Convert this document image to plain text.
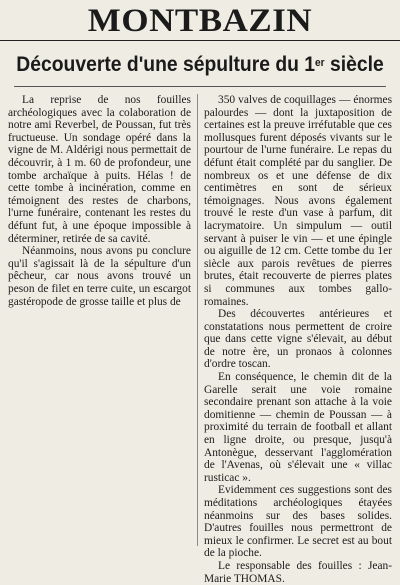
MONTBAZIN
Découverte d'une sépulture du 1er siècle

La reprise de nos fouilles archéologiques avec la colaboration de notre ami Reverbel, de Poussan, fut très fructueuse. Un sondage opéré dans la vigne de M. Aldérigi nous permettait de découvrir, à 1 m. 60 de profondeur, une tombe archaïque à puits. Hélas ! de cette tombe à incinération, comme en témoignent des restes de charbons, l'urne funéraire, contenant les restes du défunt fut, à une époque impossible à déterminer, retirée de sa cavité.

Néanmoins, nous avons pu conclure qu'il s'agissait là de la sépulture d'un pêcheur, car nous avons trouvé un peson de filet en terre cuite, un escargot gastéropode de grosse taille et plus de

350 valves de coquillages — énormes palourdes — dont la juxtaposition de certaines est la preuve irréfutable que ces mollusques furent déposés vivants sur le pourtour de l'urne funéraire. Le repas du défunt était complété par du sanglier. De nombreux os et une défense de dix centimètres en sont de sérieux témoignages. Nous avons également trouvé le reste d'un vase à parfum, dit lacrymatoire. Un simpulum — outil servant à puiser le vin — et une épingle ou aiguille de 12 cm. Cette tombe du 1er siècle aux parois revêtues de pierres brutes, était recouverte de pierres plates si communes aux tombes gallo-romaines.

Des découvertes antérieures et constatations nous permettent de croire que dans cette vigne s'élevait, au début de notre ère, un pronaos à colonnes d'ordre toscan.

En conséquence, le chemin dit de la Garelle serait une voie romaine secondaire prenant son attache à la voie domitienne — chemin de Poussan — à proximité du terrain de football et allant en ligne droite, ou presque, jusqu'à Antonègue, desservant l'agglomération de l'Avenas, où s'élevait une « villac rusticac ».

Evidemment ces suggestions sont des méditations archéologiques étayées néanmoins sur des bases solides. D'autres fouilles nous permettront de mieux le confirmer. Le secret est au bout de la pioche.

Le responsable des fouilles : Jean-Marie THOMAS.
